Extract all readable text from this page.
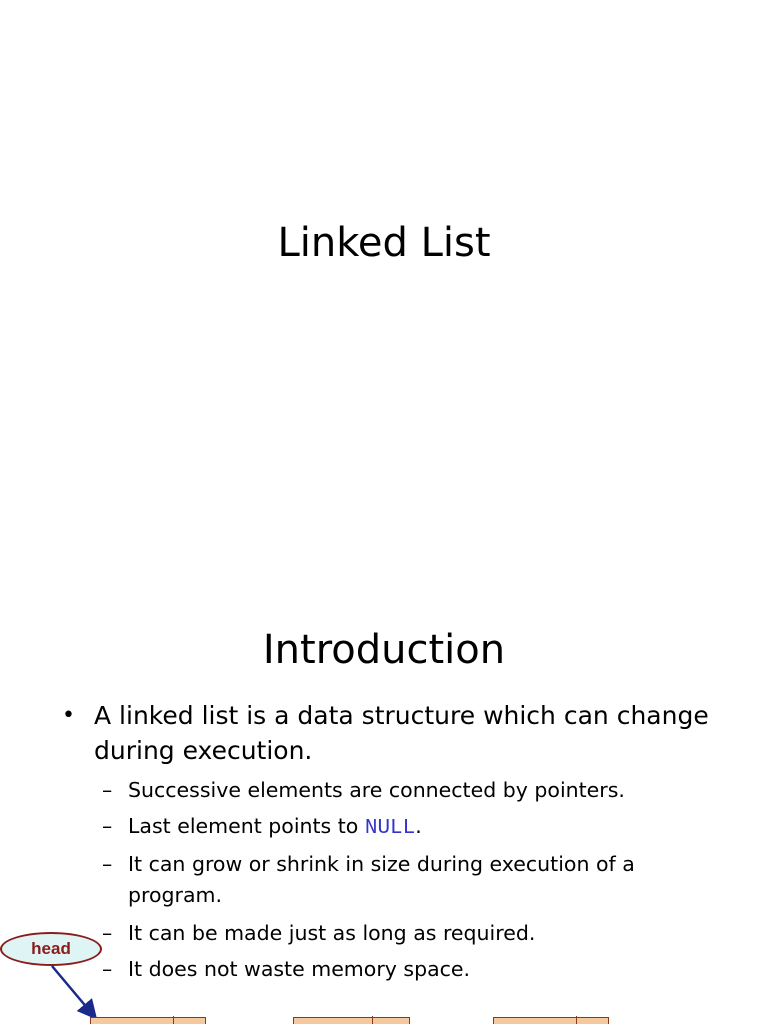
Linked List
Introduction
• A linked list is a data structure which can change during execution.
– Successive elements are connected by pointers.
– Last element points to NULL.
– It can grow or shrink in size during execution of a program.
– It can be made just as long as required.
– It does not waste memory space.
head
